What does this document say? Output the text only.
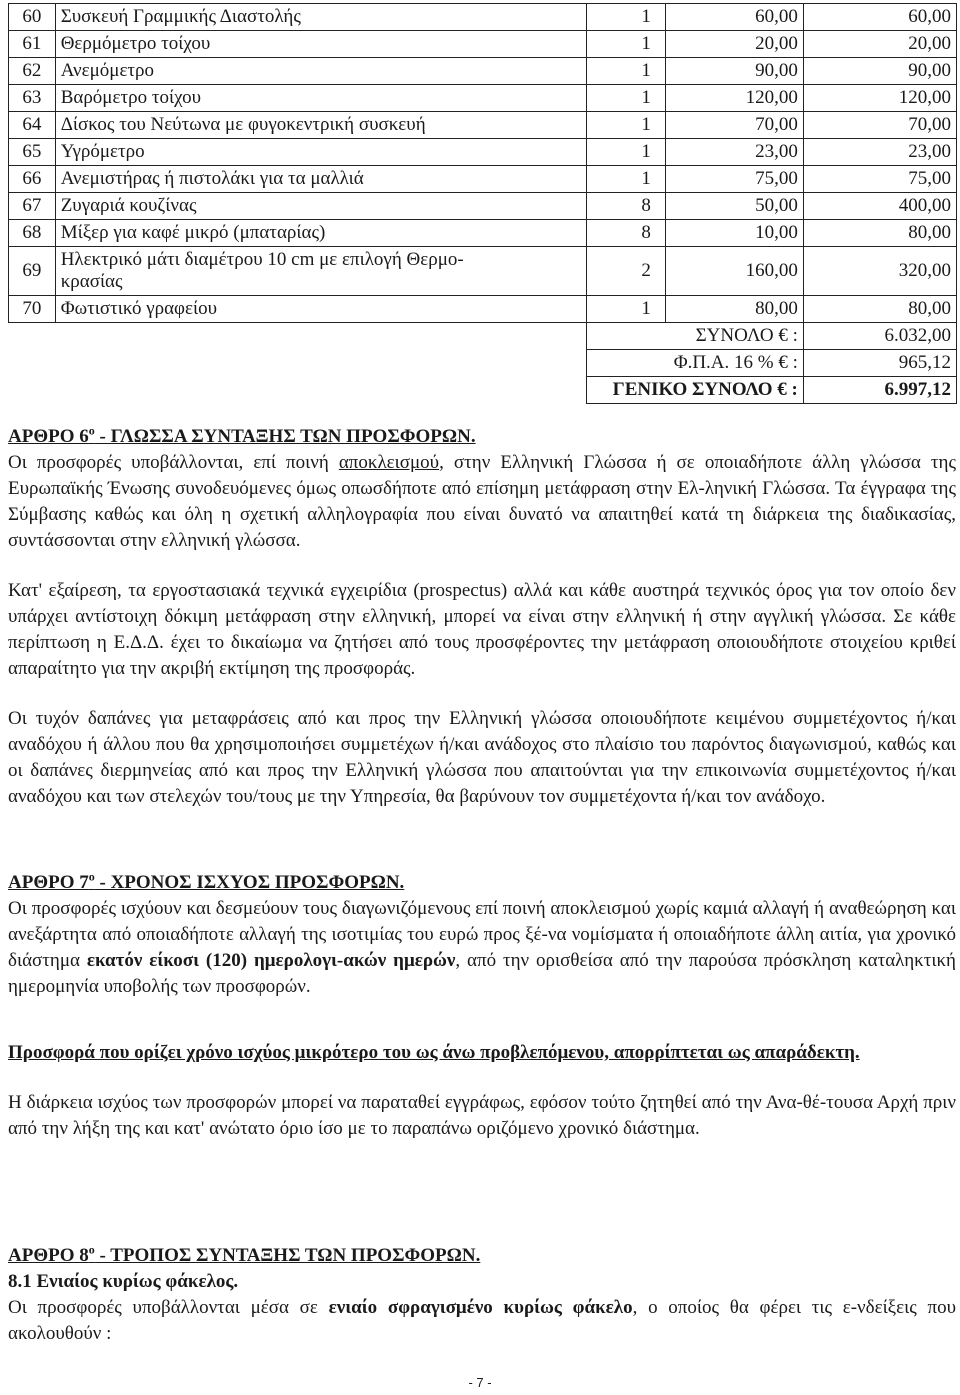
60	Συσκευή Γραμμικής Διαστολής	1	60,00	60,00
61	Θερμόμετρο τοίχου	1	20,00	20,00
62	Ανεμόμετρο	1	90,00	90,00
63	Βαρόμετρο τοίχου	1	120,00	120,00
64	Δίσκος του Νεύτωνα με φυγοκεντρική συσκευή	1	70,00	70,00
65	Υγρόμετρο	1	23,00	23,00
66	Ανεμιστήρας ή πιστολάκι για τα μαλλιά	1	75,00	75,00
67	Ζυγαριά κουζίνας	8	50,00	400,00
68	Μίξερ για καφέ μικρό (μπαταρίας)	8	10,00	80,00
69	Ηλεκτρικό μάτι διαμέτρου 10 cm με επιλογή Θερμο-
κρασίας	2	160,00	320,00
70	Φωτιστικό γραφείου	1	80,00	80,00
		ΣΥΝΟΛΟ € :		6.032,00
		Φ.Π.Α. 16 % € :		965,12
		ΓΕΝΙΚΟ ΣΥΝΟΛΟ € :		6.997,12
ΑΡΘΡΟ $6^o$ - ΓΛΩΣΣΑ ΣΥΝΤΑΞΗΣ ΤΩΝ ΠΡΟΣΦΟΡΩΝ.
Οι προσφορές υποβάλλονται, επί ποινή αποκλεισμού, στην Ελληνική Γλώσσα ή σε οποιαδήποτε άλλη γλώσσα της Ευρωπαϊκής Ένωσης συνοδευόμενες όμως οπωσδήποτε από επίσημη μετάφραση στην Ελ-ληνική Γλώσσα. Τα έγγραφα της Σύμβασης καθώς και όλη η σχετική αλληλογραφία που είναι δυνατό να απαιτηθεί κατά τη διάρκεια της διαδικασίας, συντάσσονται στην ελληνική γλώσσα.
Κατ' εξαίρεση, τα εργοστασιακά τεχνικά εγχειρίδια (prospectus) αλλά και κάθε αυστηρά τεχνικός όρος για τον οποίο δεν υπάρχει αντίστοιχη δόκιμη μετάφραση στην ελληνική, μπορεί να είναι στην ελληνική ή στην αγγλική γλώσσα. Σε κάθε περίπτωση η Ε.Δ.Δ. έχει το δικαίωμα να ζητήσει από τους προσφέροντες την μετάφραση οποιουδήποτε στοιχείου κριθεί απαραίτητο για την ακριβή εκτίμηση της προσφοράς.
Οι τυχόν δαπάνες για μεταφράσεις από και προς την Ελληνική γλώσσα οποιουδήποτε κειμένου συμμετέχοντος ή/και αναδόχου ή άλλου που θα χρησιμοποιήσει συμμετέχων ή/και ανάδοχος στο πλαίσιο του παρόντος διαγωνισμού, καθώς και οι δαπάνες διερμηνείας από και προς την Ελληνική γλώσσα που απαιτούνται για την επικοινωνία συμμετέχοντος ή/και αναδόχου και των στελεχών του/τους με την Υπηρεσία, θα βαρύνουν τον συμμετέχοντα ή/και τον ανάδοχο.
ΑΡΘΡΟ $7^o$ - ΧΡΟΝΟΣ ΙΣΧΥΟΣ ΠΡΟΣΦΟΡΩΝ.
Οι προσφορές ισχύουν και δεσμεύουν τους διαγωνιζόμενους επί ποινή αποκλεισμού χωρίς καμιά αλλαγή ή αναθεώρηση και ανεξάρτητα από οποιαδήποτε αλλαγή της ισοτιμίας του ευρώ προς ξέ-να νομίσματα ή οποιαδήποτε άλλη αιτία, για χρονικό διάστημα εκατόν είκοσι (120) ημερολογι-ακών ημερών, από την ορισθείσα από την παρούσα πρόσκληση καταληκτική ημερομηνία υποβολής των προσφορών.
Προσφορά που ορίζει χρόνο ισχύος μικρότερο του ως άνω προβλεπόμενου, απορρίπτεται ως απαράδεκτη.
Η διάρκεια ισχύος των προσφορών μπορεί να παραταθεί εγγράφως, εφόσον τούτο ζητηθεί από την Ανα-θέ-τουσα Αρχή πριν από την λήξη της και κατ' ανώτατο όριο ίσο με το παραπάνω οριζόμενο χρονικό διάστημα.
ΑΡΘΡΟ $8^o$ - ΤΡΟΠΟΣ ΣΥΝΤΑΞΗΣ ΤΩΝ ΠΡΟΣΦΟΡΩΝ.
8.1 Ενιαίος κυρίως φάκελος.
Οι προσφορές υποβάλλονται μέσα σε ενιαίο σφραγισμένο κυρίως φάκελο, ο οποίος θα φέρει τις ε-νδείξεις που ακολουθούν :
- 7 -
